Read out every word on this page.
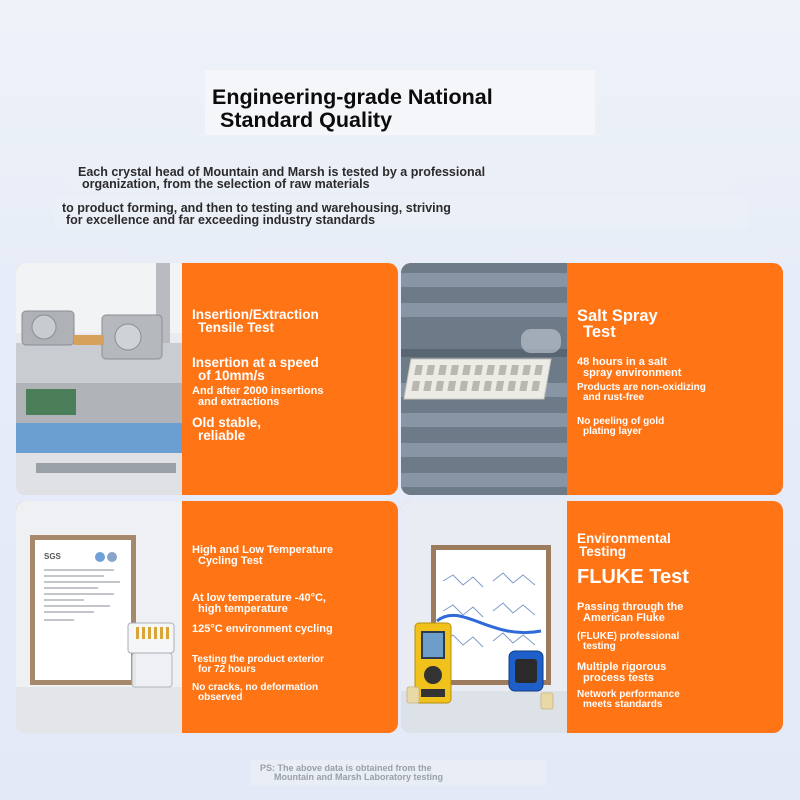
Engineering-grade National
Standard Quality
Each crystal head of Mountain and Marsh is tested by a professional
organization, from the selection of raw materials
to product forming, and then to testing and warehousing, striving
for excellence and far exceeding industry standards
Insertion/Extraction
Tensile Test
Insertion at a speed
of 10mm/s
And after 2000 insertions
and extractions
Old stable,
reliable
Salt Spray
Test
48 hours in a salt
spray environment
Products are non-oxidizing
and rust-free
No peeling of gold
plating layer
SGS
High and Low Temperature
Cycling Test
At low temperature -40°C,
high temperature
125°C environment cycling
Testing the product exterior
for 72 hours
No cracks, no deformation
observed
Environmental
Testing
FLUKE Test
Passing through the
American Fluke
(FLUKE) professional
testing
Multiple rigorous
process tests
Network performance
meets standards
PS: The above data is obtained from the
Mountain and Marsh Laboratory testing
